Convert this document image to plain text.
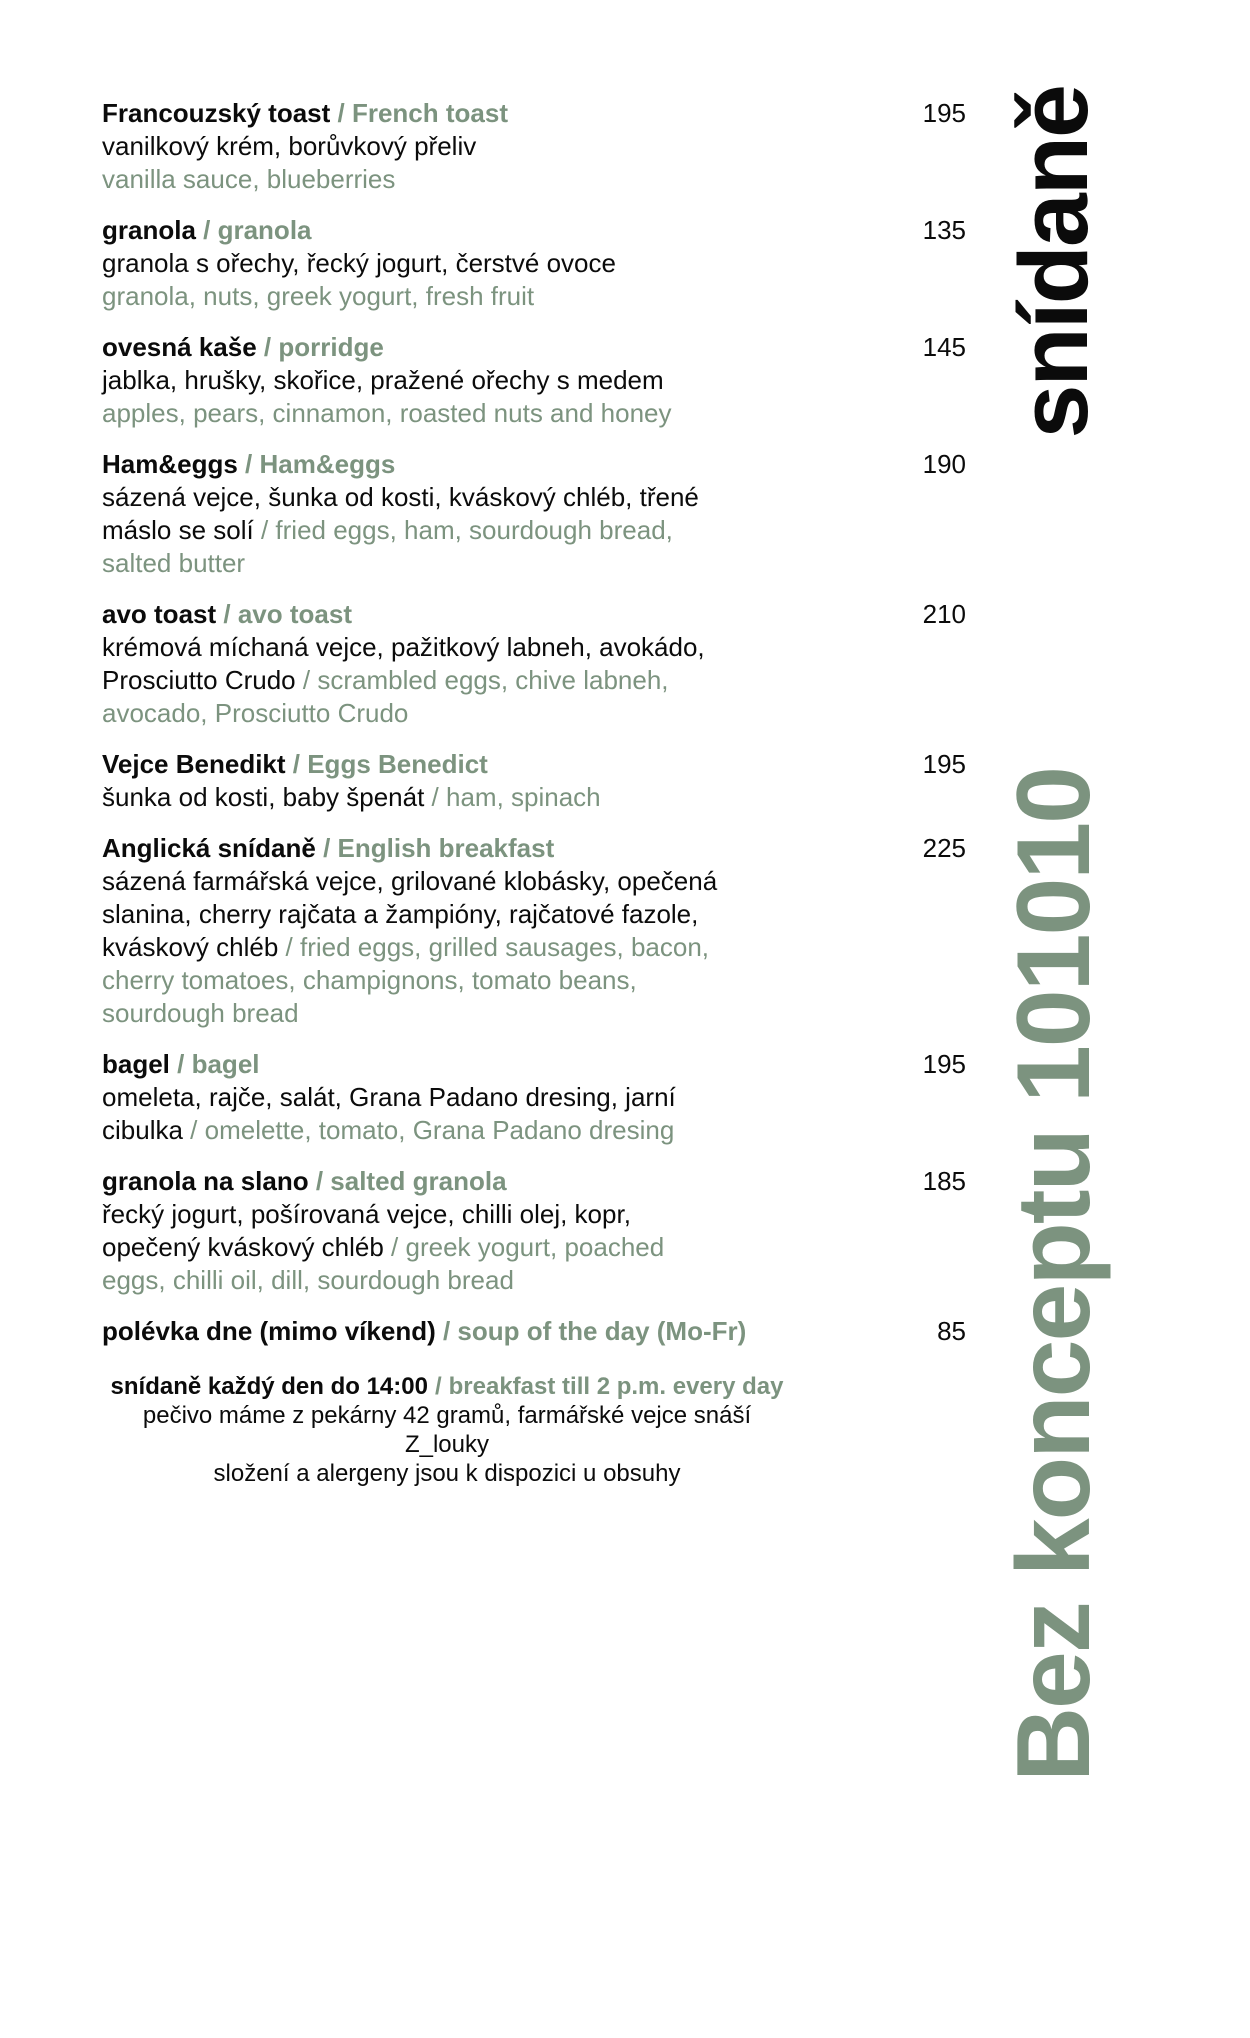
Francouzský toast / French toast
vanilkový krém, borůvkový přeliv
vanilla sauce, blueberries
195
granola / granola
granola s ořechy, řecký jogurt, čerstvé ovoce
granola, nuts, greek yogurt, fresh fruit
135
ovesná kaše / porridge
jablka, hrušky, skořice, pražené ořechy s medem
apples, pears, cinnamon, roasted nuts and honey
145
Ham&eggs / Ham&eggs
sázená vejce, šunka od kosti, kváskový chléb, třené máslo se solí / fried eggs, ham, sourdough bread, salted butter
190
avo toast / avo toast
krémová míchaná vejce, pažitkový labneh, avokádo, Prosciutto Crudo / scrambled eggs, chive labneh, avocado, Prosciutto Crudo
210
Vejce Benedikt / Eggs Benedict
šunka od kosti, baby špenát / ham, spinach
195
Anglická snídaně / English breakfast
sázená farmářská vejce, grilované klobásky, opečená slanina, cherry rajčata a žampióny, rajčatové fazole, kváskový chléb / fried eggs, grilled sausages, bacon, cherry tomatoes, champignons, tomato beans, sourdough bread
225
bagel / bagel
omeleta, rajče, salát, Grana Padano dresing, jarní cibulka / omelette, tomato, Grana Padano dresing
195
granola na slano / salted granola
řecký jogurt, pošírovaná vejce, chilli olej, kopr, opečený kváskový chléb / greek yogurt, poached eggs, chilli oil, dill, sourdough bread
185
polévka dne (mimo víkend) / soup of the day (Mo-Fr)	85
snídaně každý den do 14:00 / breakfast till 2 p.m. every day
pečivo máme z pekárny 42 gramů, farmářské vejce snáší Z_louky
složení a alergeny jsou k dispozici u obsuhy
snídaně
Bez konceptu 101010
